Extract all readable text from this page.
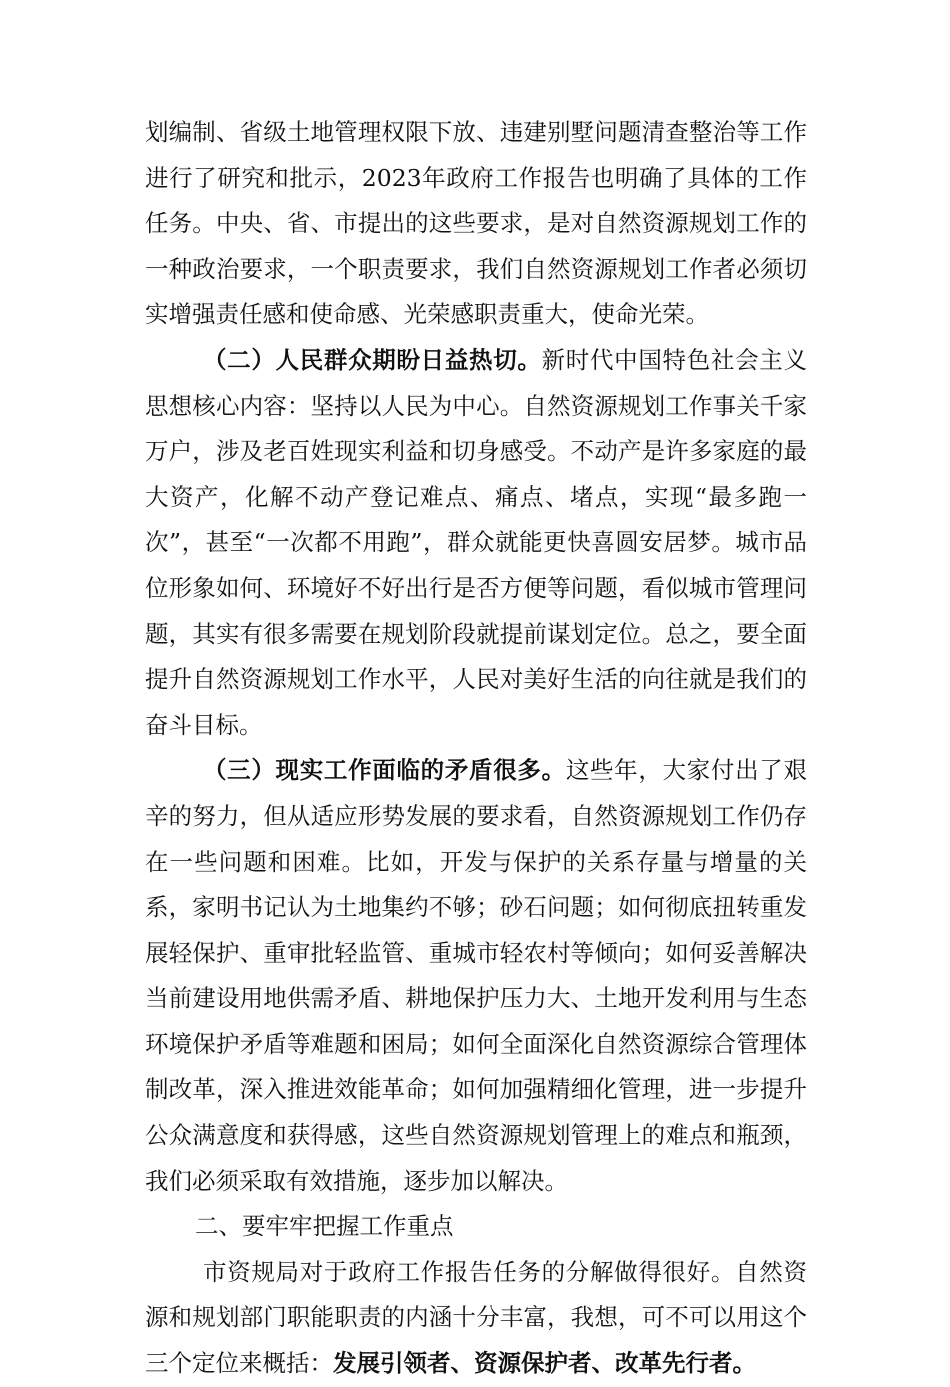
划编制、省级土地管理权限下放、违建别墅问题清查整治等工作进行了研究和批示，2023年政府工作报告也明确了具体的工作任务。中央、省、市提出的这些要求，是对自然资源规划工作的一种政治要求，一个职责要求，我们自然资源规划工作者必须切实增强责任感和使命感、光荣感职责重大，使命光荣。

（二）人民群众期盼日益热切。新时代中国特色社会主义思想核心内容：坚持以人民为中心。自然资源规划工作事关千家万户，涉及老百姓现实利益和切身感受。不动产是许多家庭的最大资产，化解不动产登记难点、痛点、堵点，实现“最多跑一次”，甚至“一次都不用跑”，群众就能更快喜圆安居梦。城市品位形象如何、环境好不好出行是否方便等问题，看似城市管理问题，其实有很多需要在规划阶段就提前谋划定位。总之，要全面提升自然资源规划工作水平，人民对美好生活的向往就是我们的奋斗目标。

（三）现实工作面临的矛盾很多。这些年，大家付出了艰辛的努力，但从适应形势发展的要求看，自然资源规划工作仍存在一些问题和困难。比如，开发与保护的关系存量与增量的关系，家明书记认为土地集约不够；砂石问题；如何彻底扭转重发展轻保护、重审批轻监管、重城市轻农村等倾向；如何妥善解决当前建设用地供需矛盾、耕地保护压力大、土地开发利用与生态环境保护矛盾等难题和困局；如何全面深化自然资源综合管理体制改革，深入推进效能革命；如何加强精细化管理，进一步提升公众满意度和获得感，这些自然资源规划管理上的难点和瓶颈，我们必须采取有效措施，逐步加以解决。

二、要牢牢把握工作重点

市资规局对于政府工作报告任务的分解做得很好。自然资源和规划部门职能职责的内涵十分丰富，我想，可不可以用这个三个定位来概括：发展引领者、资源保护者、改革先行者。
